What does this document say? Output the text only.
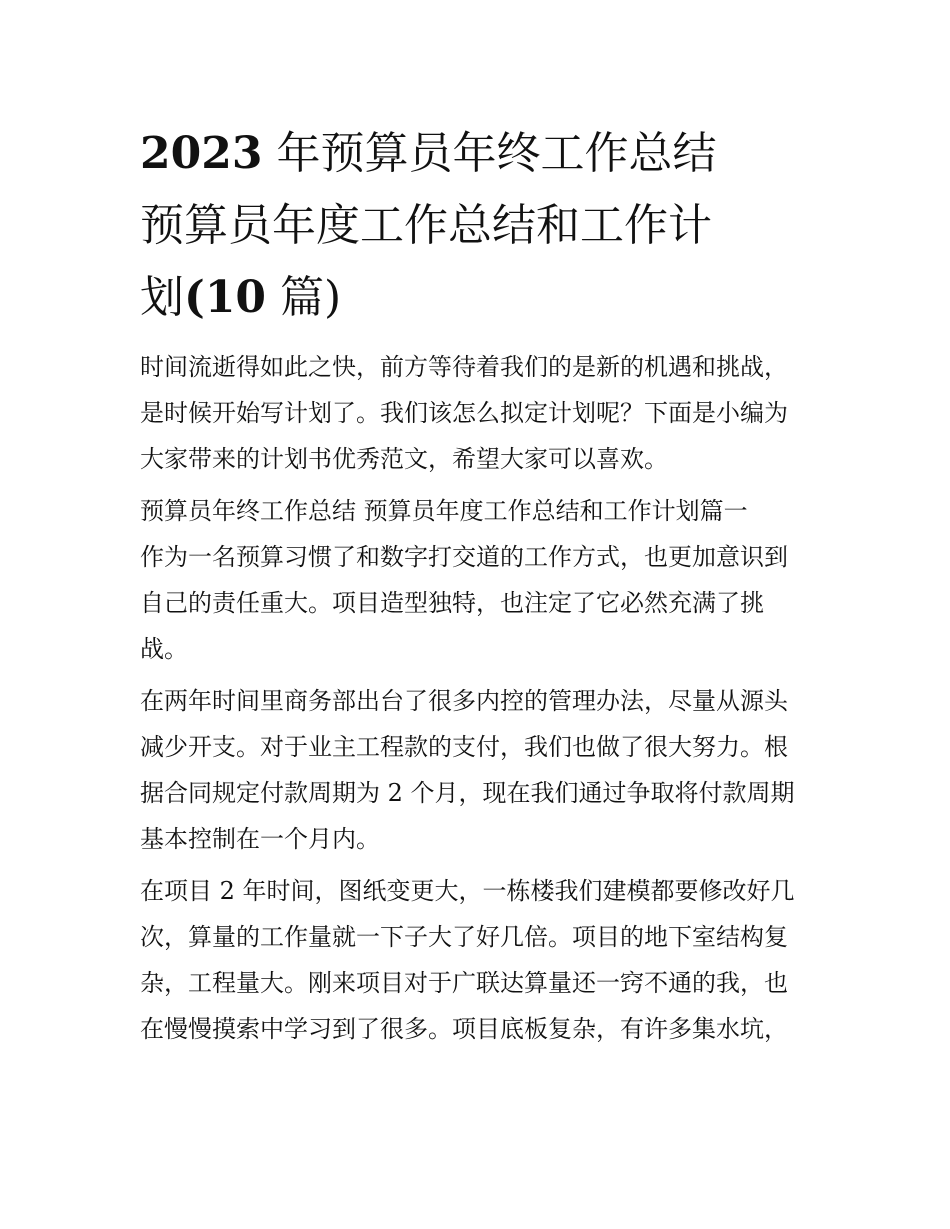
2023 年预算员年终工作总结
预算员年度工作总结和工作计
划(10 篇)
时间流逝得如此之快，前方等待着我们的是新的机遇和挑战，
是时候开始写计划了。我们该怎么拟定计划呢？下面是小编为
大家带来的计划书优秀范文，希望大家可以喜欢。
预算员年终工作总结 预算员年度工作总结和工作计划篇一
作为一名预算习惯了和数字打交道的工作方式，也更加意识到
自己的责任重大。项目造型独特，也注定了它必然充满了挑
战。
在两年时间里商务部出台了很多内控的管理办法，尽量从源头
减少开支。对于业主工程款的支付，我们也做了很大努力。根
据合同规定付款周期为 2 个月，现在我们通过争取将付款周期
基本控制在一个月内。
在项目 2 年时间，图纸变更大，一栋楼我们建模都要修改好几
次，算量的工作量就一下子大了好几倍。项目的地下室结构复
杂，工程量大。刚来项目对于广联达算量还一窍不通的我，也
在慢慢摸索中学习到了很多。项目底板复杂，有许多集水坑，
